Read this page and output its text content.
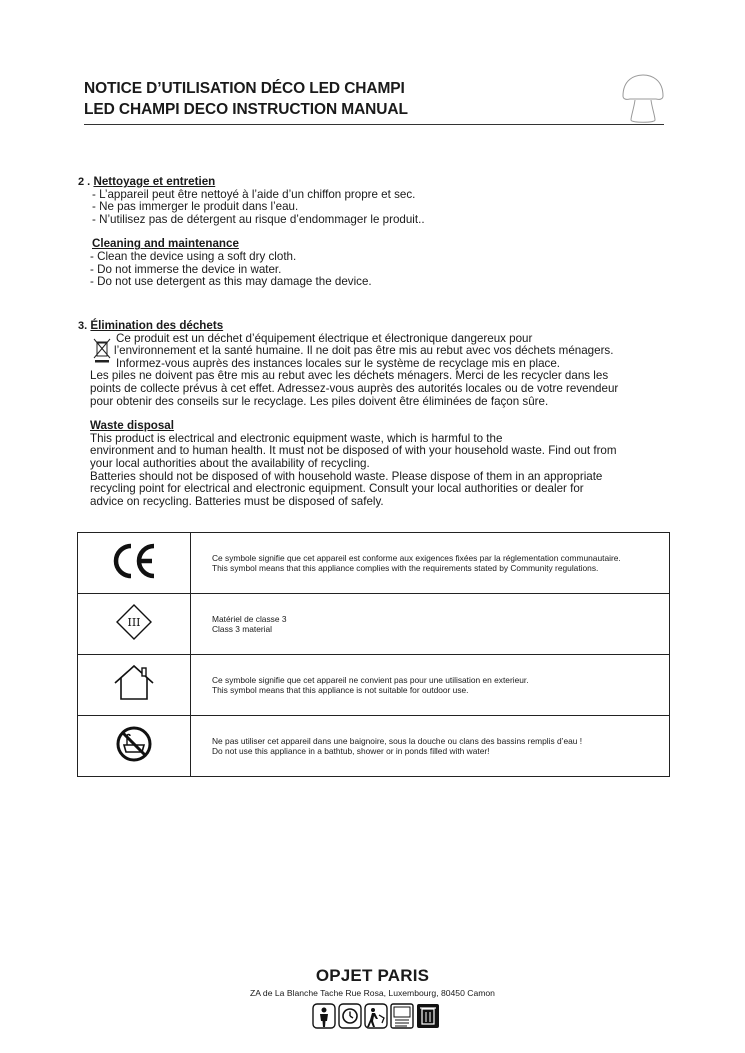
NOTICE D’UTILISATION DÉCO LED CHAMPI
LED CHAMPI DECO INSTRUCTION MANUAL
2 . Nettoyage et entretien
- L’appareil peut être nettoyé à l’aide d’un chiffon propre et sec.
- Ne pas immerger le produit dans l’eau.
- N’utilisez pas de détergent au risque d’endommager le produit..
Cleaning and maintenance
- Clean the device using a soft dry cloth.
- Do not immerse the device in water.
- Do not use detergent as this may damage the device.
3. Élimination des déchets
Ce produit est un déchet d’équipement électrique et électronique dangereux pour
l’environnement et la santé humaine. Il ne doit pas être mis au rebut avec vos déchets ménagers.
Informez-vous auprès des instances locales sur le système de recyclage mis en place.
Les piles ne doivent pas être mis au rebut avec les déchets ménagers. Merci de les recycler dans les
points de collecte prévus à cet effet. Adressez-vous auprès des autorités locales ou de votre revendeur
pour obtenir des conseils sur le recyclage. Les piles doivent être éliminées de façon sûre.
Waste disposal
This product is electrical and electronic equipment waste, which is harmful to the
environment and to human health. It must not be disposed of with your household waste. Find out from
your local authorities about the availability of recycling.
Batteries should not be disposed of with household waste. Please dispose of them in an appropriate
recycling point for electrical and electronic equipment. Consult your local authorities or dealer for
advice on recycling. Batteries must be disposed of safely.

Ce symbole signifie que cet appareil est conforme aux exigences fixées par la réglementation communautaire.
This symbol means that this appliance complies with the requirements stated by Community regulations.

III	Matériel de classe 3
Class 3 material

Ce symbole signifie que cet appareil ne convient pas pour une utilisation en exterieur.
This symbol means that this appliance is not suitable for outdoor use.

Ne pas utiliser cet appareil dans une baignoire, sous la douche ou clans des bassins remplis d’eau !
Do not use this appliance in a bathtub, shower or in ponds filled with water!
OPJET PARIS
ZA de La Blanche Tache Rue Rosa, Luxembourg, 80450 Camon
